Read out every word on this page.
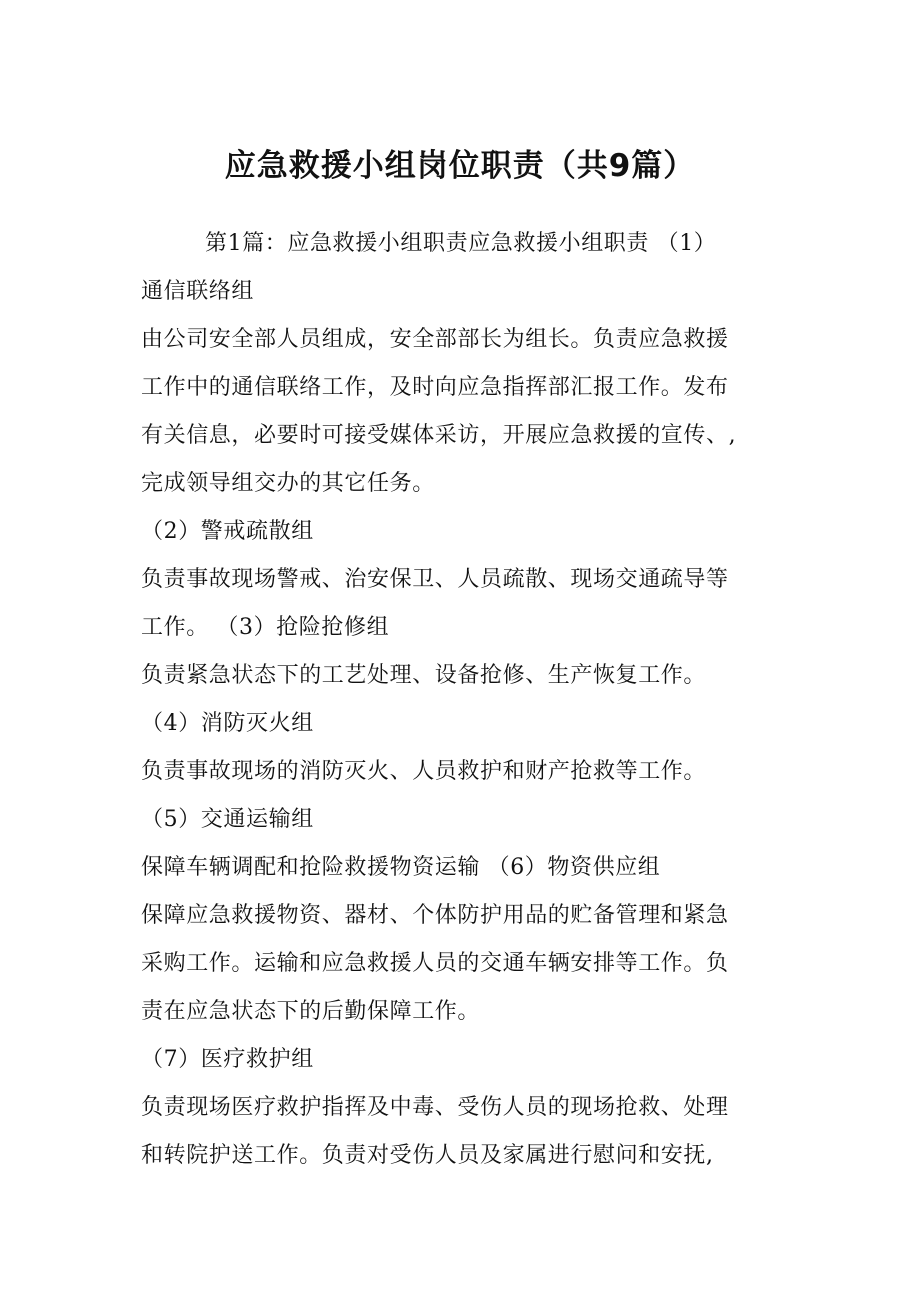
应急救援小组岗位职责（共9篇）
第1篇：应急救援小组职责应急救援小组职责 （1）
通信联络组
由公司安全部人员组成，安全部部长为组长。负责应急救援
工作中的通信联络工作，及时向应急指挥部汇报工作。发布
有关信息，必要时可接受媒体采访，开展应急救援的宣传、,
完成领导组交办的其它任务。
（2）警戒疏散组
负责事故现场警戒、治安保卫、人员疏散、现场交通疏导等
工作。 （3）抢险抢修组
负责紧急状态下的工艺处理、设备抢修、生产恢复工作。
（4）消防灭火组
负责事故现场的消防灭火、人员救护和财产抢救等工作。
（5）交通运输组
保障车辆调配和抢险救援物资运输 （6）物资供应组
保障应急救援物资、器材、个体防护用品的贮备管理和紧急
采购工作。运输和应急救援人员的交通车辆安排等工作。负
责在应急状态下的后勤保障工作。
（7）医疗救护组
负责现场医疗救护指挥及中毒、受伤人员的现场抢救、处理
和转院护送工作。负责对受伤人员及家属进行慰问和安抚,
